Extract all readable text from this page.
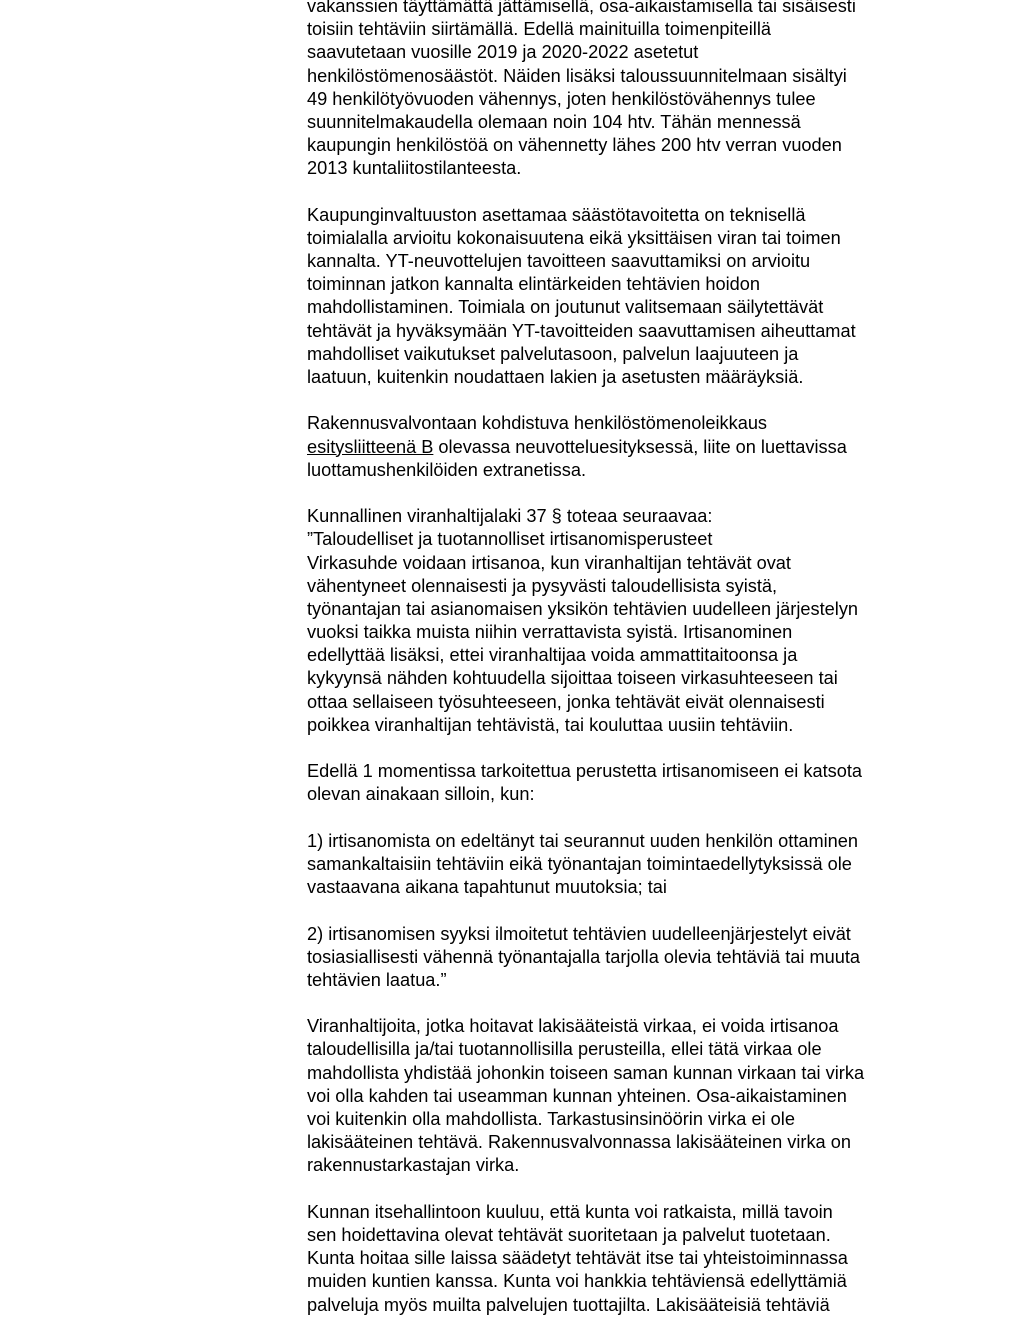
vakanssien täyttämättä jättämisellä, osa-aikaistamisella tai sisäisesti
toisiin tehtäviin siirtämällä. Edellä mainituilla toimenpiteillä
saavutetaan vuosille 2019 ja 2020-2022 asetetut
henkilöstömenosäästöt. Näiden lisäksi taloussuunnitelmaan sisältyi
49 henkilötyövuoden vähennys, joten henkilöstövähennys tulee
suunnitelmakaudella olemaan noin 104 htv. Tähän mennessä
kaupungin henkilöstöä on vähennetty lähes 200 htv verran vuoden
2013 kuntaliitostilanteesta.
Kaupunginvaltuuston asettamaa säästötavoitetta on teknisellä
toimialalla arvioitu kokonaisuutena eikä yksittäisen viran tai toimen
kannalta. YT-neuvottelujen tavoitteen saavuttamiksi on arvioitu
toiminnan jatkon kannalta elintärkeiden tehtävien hoidon
mahdollistaminen. Toimiala on joutunut valitsemaan säilytettävät
tehtävät ja hyväksymään YT-tavoitteiden saavuttamisen aiheuttamat
mahdolliset vaikutukset palvelutasoon, palvelun laajuuteen ja
laatuun, kuitenkin noudattaen lakien ja asetusten määräyksiä.
Rakennusvalvontaan kohdistuva henkilöstömenoleikkaus
esitysliitteenä B olevassa neuvotteluesityksessä, liite on luettavissa
luottamushenkilöiden extranetissa.
Kunnallinen viranhaltijalaki 37 § toteaa seuraavaa:
”Taloudelliset ja tuotannolliset irtisanomisperusteet
Virkasuhde voidaan irtisanoa, kun viranhaltijan tehtävät ovat
vähentyneet olennaisesti ja pysyvästi taloudellisista syistä,
työnantajan tai asianomaisen yksikön tehtävien uudelleen järjestelyn
vuoksi taikka muista niihin verrattavista syistä. Irtisanominen
edellyttää lisäksi, ettei viranhaltijaa voida ammattitaitoonsa ja
kykyynsä nähden kohtuudella sijoittaa toiseen virkasuhteeseen tai
ottaa sellaiseen työsuhteeseen, jonka tehtävät eivät olennaisesti
poikkea viranhaltijan tehtävistä, tai kouluttaa uusiin tehtäviin.
Edellä 1 momentissa tarkoitettua perustetta irtisanomiseen ei katsota
olevan ainakaan silloin, kun:
1) irtisanomista on edeltänyt tai seurannut uuden henkilön ottaminen
samankaltaisiin tehtäviin eikä työnantajan toimintaedellytyksissä ole
vastaavana aikana tapahtunut muutoksia; tai
2) irtisanomisen syyksi ilmoitetut tehtävien uudelleenjärjestelyt eivät
tosiasiallisesti vähennä työnantajalla tarjolla olevia tehtäviä tai muuta
tehtävien laatua.”
Viranhaltijoita, jotka hoitavat lakisääteistä virkaa, ei voida irtisanoa
taloudellisilla ja/tai tuotannollisilla perusteilla, ellei tätä virkaa ole
mahdollista yhdistää johonkin toiseen saman kunnan virkaan tai virka
voi olla kahden tai useamman kunnan yhteinen. Osa-aikaistaminen
voi kuitenkin olla mahdollista. Tarkastusinsinöörin virka ei ole
lakisääteinen tehtävä. Rakennusvalvonnassa lakisääteinen virka on
rakennustarkastajan virka.
Kunnan itsehallintoon kuuluu, että kunta voi ratkaista, millä tavoin
sen hoidettavina olevat tehtävät suoritetaan ja palvelut tuotetaan.
Kunta hoitaa sille laissa säädetyt tehtävät itse tai yhteistoiminnassa
muiden kuntien kanssa. Kunta voi hankkia tehtäviensä edellyttämiä
palveluja myös muilta palvelujen tuottajilta. Lakisääteisiä tehtäviä
